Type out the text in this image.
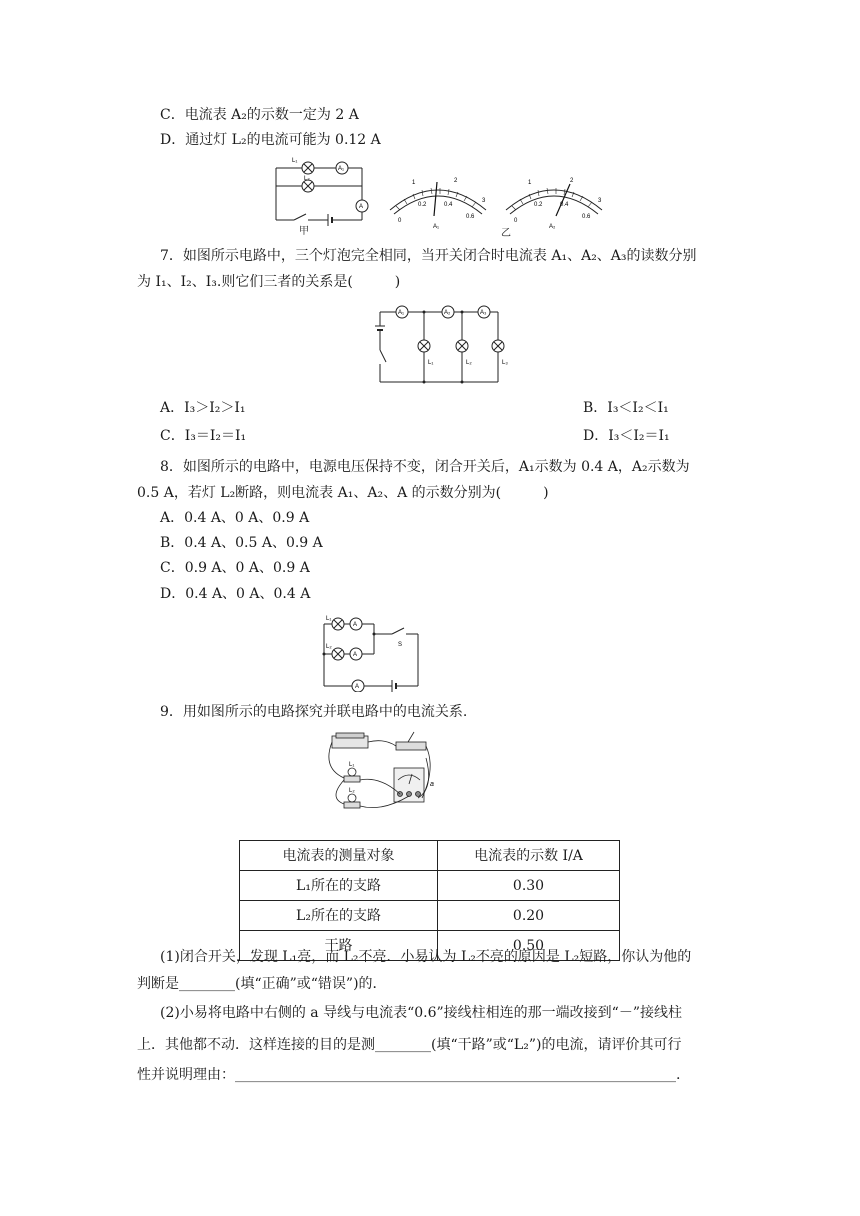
C．电流表 A₂的示数一定为 2 A
D．通过灯 L₂的电流可能为 0.12 A
L₁
L₂
A₁
A
甲
0
0.2	0.4
0.6
1	2
3
A₁
0
0.2	0.4
0.6
1	2
3
A₂
乙
7．如图所示电路中，三个灯泡完全相同，当开关闭合时电流表 A₁、A₂、A₃的读数分别
为 I₁、I₂、I₃.则它们三者的关系是(　　　)
A₁	A₂	A₃
L₁	L₂	L₃
A．I₃＞I₂＞I₁	B．I₃＜I₂＜I₁
C．I₃＝I₂＝I₁	D．I₃＜I₂＝I₁
8．如图所示的电路中，电源电压保持不变，闭合开关后，A₁示数为 0.4 A，A₂示数为
0.5 A，若灯 L₂断路，则电流表 A₁、A₂、A 的示数分别为(　　　)
A．0.4 A、0 A、0.9 A
B．0.4 A、0.5 A、0.9 A
C．0.9 A、0 A、0.9 A
D．0.4 A、0 A、0.4 A
L₁
L₂
A
A
A
S
9．用如图所示的电路探究并联电路中的电流关系.
L₁
L₂
a
电流表的测量对象	电流表的示数 I/A
L₁所在的支路	0.30
L₂所在的支路	0.20
干路	0.50
(1)闭合开关，发现 L₁亮，而 L₂不亮．小易认为 L₂不亮的原因是 L₂短路，你认为他的
判断是________(填“正确”或“错误”)的．
(2)小易将电路中右侧的 a 导线与电流表“0.6”接线柱相连的那一端改接到“－”接线柱
上．其他都不动．这样连接的目的是测________(填“干路”或“L₂”)的电流，请评价其可行
性并说明理由：_______________________________________________________________.
